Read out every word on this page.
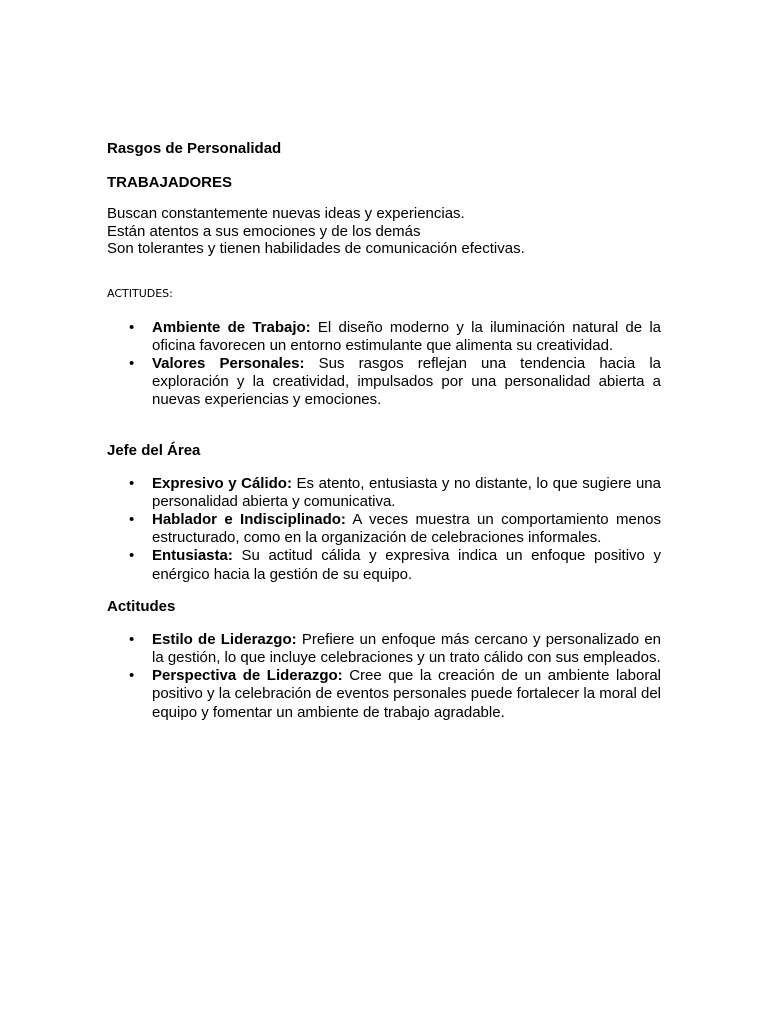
Rasgos de Personalidad

TRABAJADORES

Buscan constantemente nuevas ideas y experiencias.
Están atentos a sus emociones y de los demás
Son tolerantes y tienen habilidades de comunicación efectivas.

ACTITUDES:

• Ambiente de Trabajo: El diseño moderno y la iluminación natural de la oficina favorecen un entorno estimulante que alimenta su creatividad.
• Valores Personales: Sus rasgos reflejan una tendencia hacia la exploración y la creatividad, impulsados por una personalidad abierta a nuevas experiencias y emociones.

Jefe del Área

• Expresivo y Cálido: Es atento, entusiasta y no distante, lo que sugiere una personalidad abierta y comunicativa.
• Hablador e Indisciplinado: A veces muestra un comportamiento menos estructurado, como en la organización de celebraciones informales.
• Entusiasta: Su actitud cálida y expresiva indica un enfoque positivo y enérgico hacia la gestión de su equipo.

Actitudes

• Estilo de Liderazgo: Prefiere un enfoque más cercano y personalizado en la gestión, lo que incluye celebraciones y un trato cálido con sus empleados.
• Perspectiva de Liderazgo: Cree que la creación de un ambiente laboral positivo y la celebración de eventos personales puede fortalecer la moral del equipo y fomentar un ambiente de trabajo agradable.
